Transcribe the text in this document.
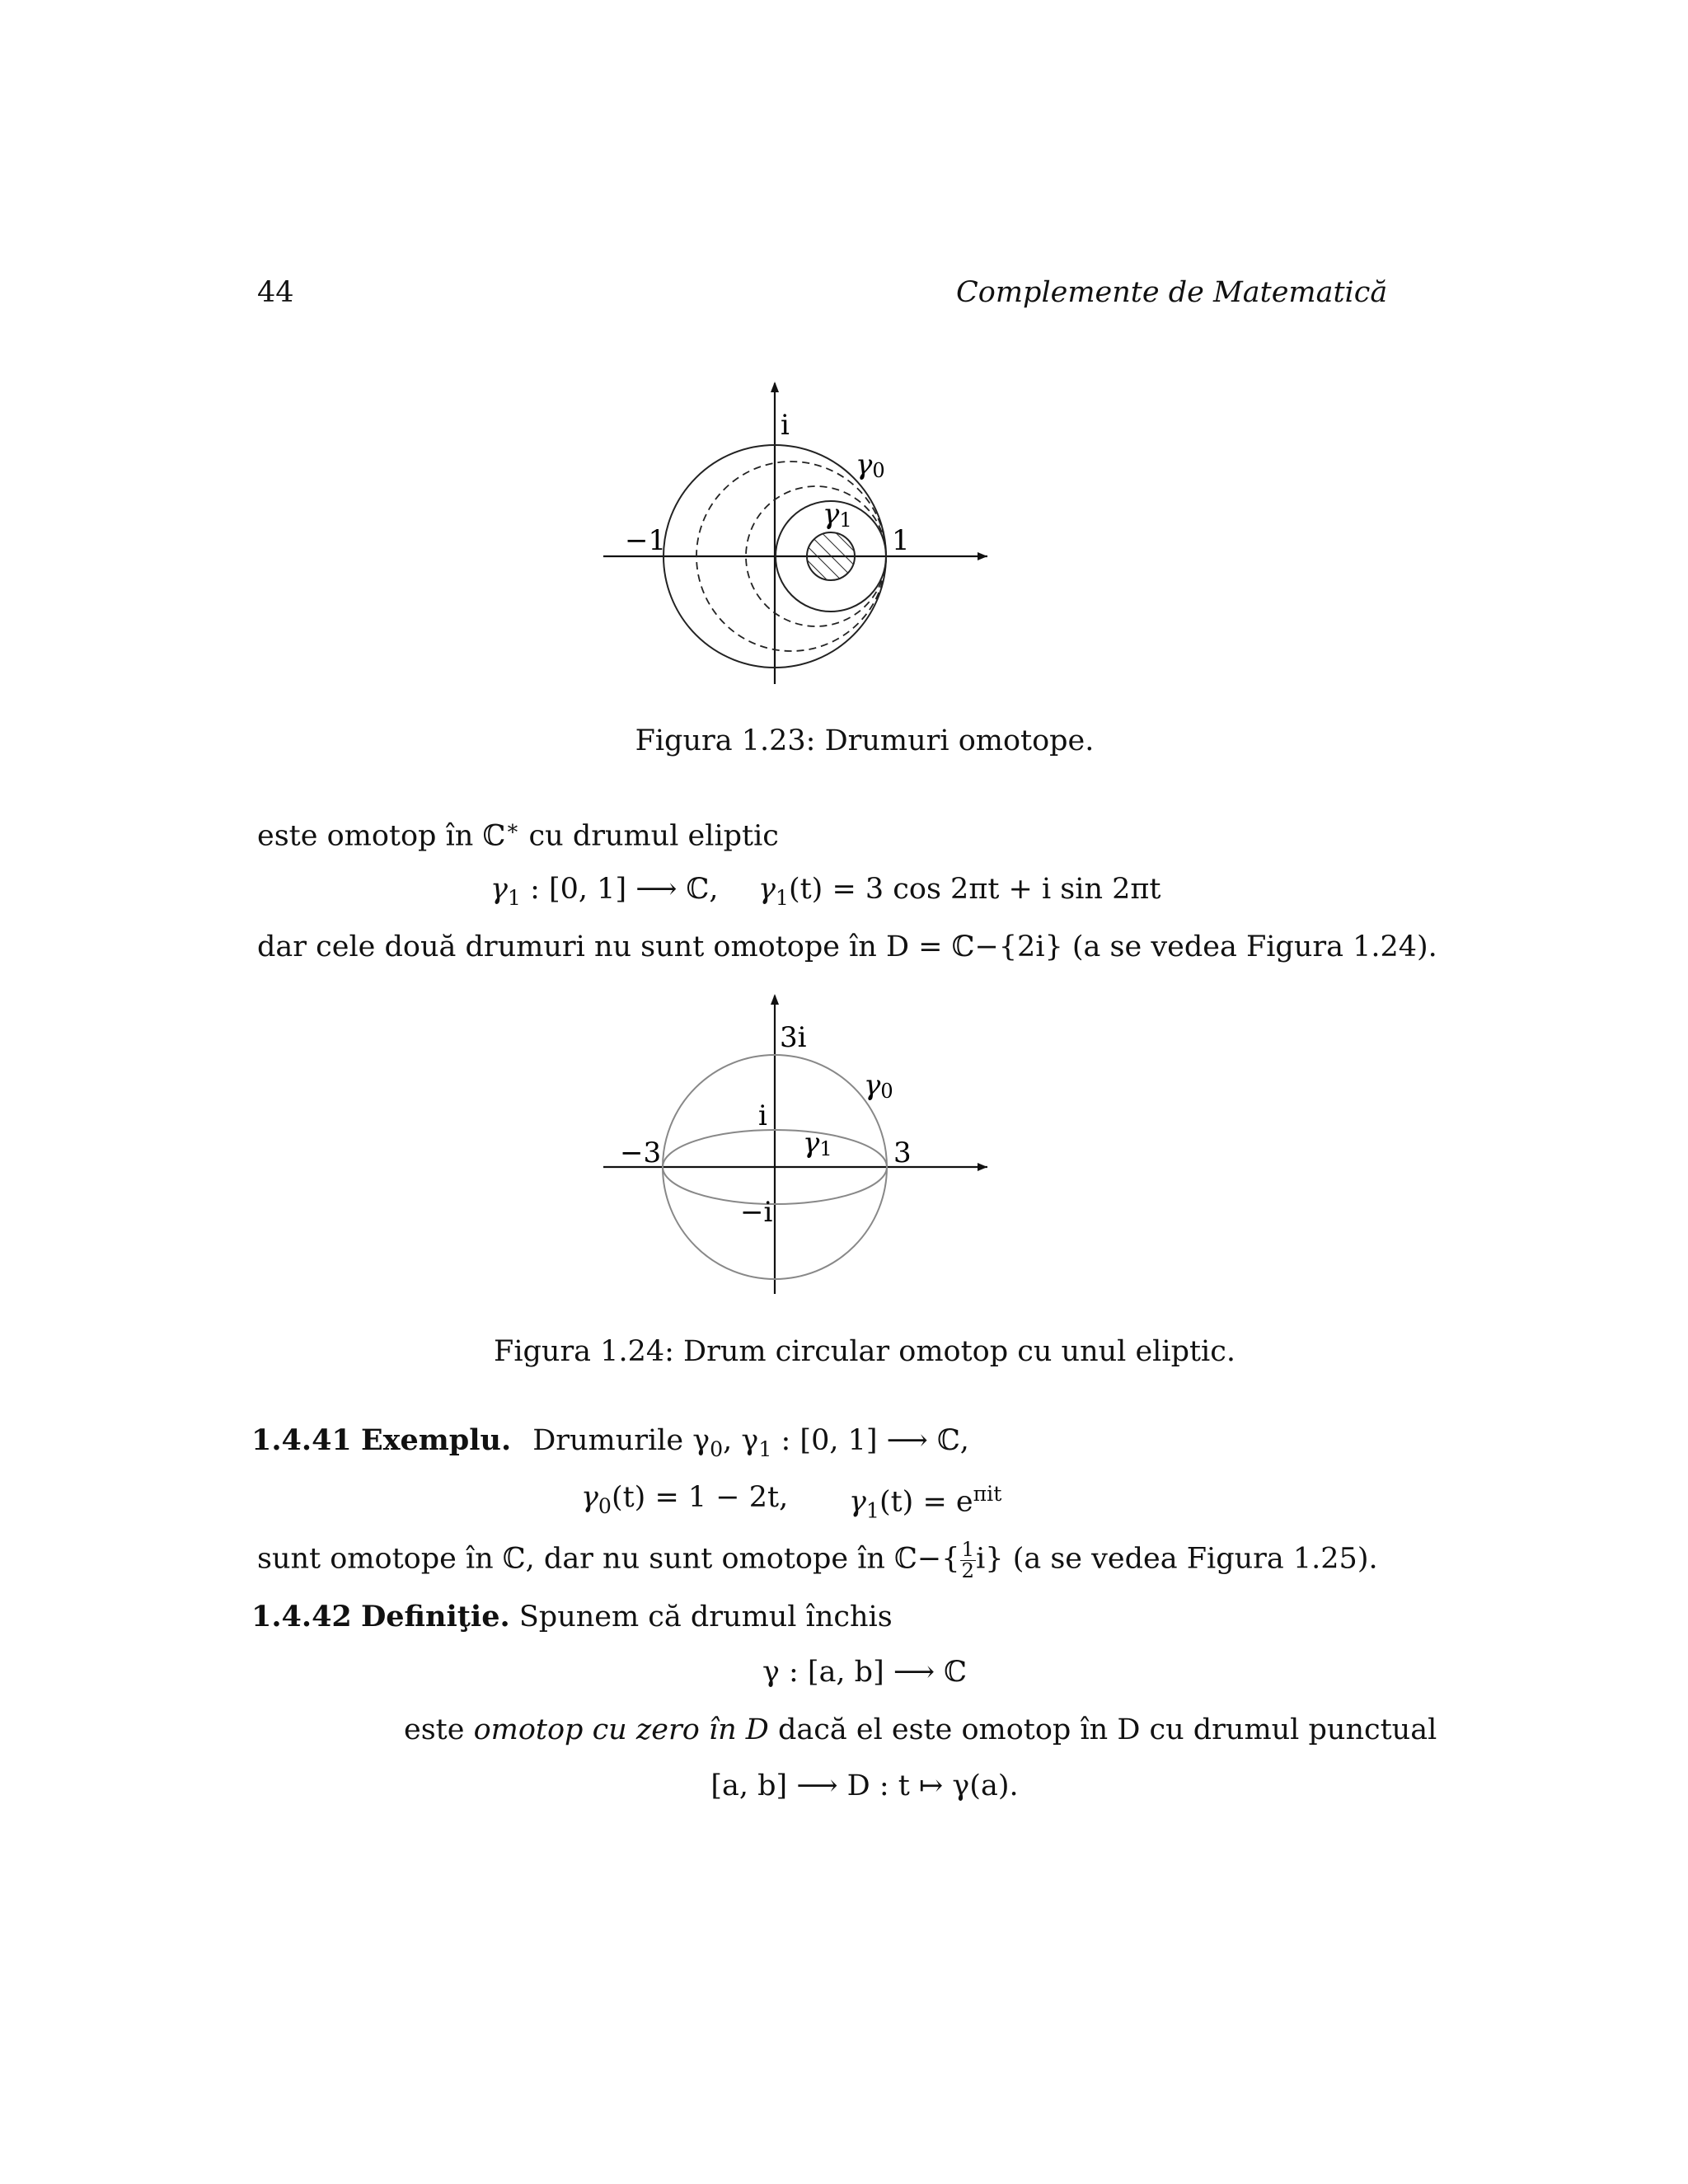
44	Complemente de Matematică
i
−1	1
γ0
γ1
Figura 1.23: Drumuri omotope.
este omotop în ℂ∗ cu drumul eliptic
$\gamma_1$ : [0, 1] ⟶ ℂ, $\gamma_1(t) = 3$ cos 2πt + i sin 2πt
dar cele două drumuri nu sunt omotope în D = ℂ−{2i} (a se vedea Figura 1.24).
3i
i
−i
−3	3
γ0
γ1
Figura 1.24: Drum circular omotop cu unul eliptic.
1.4.41 Exemplu. Drumurile $\gamma_0$, $\gamma_1$ : [0, 1] ⟶ ℂ,
$\gamma_0(t) = 1 - 2t$, $\gamma_1(t) = e^{\pi it}$
sunt omotope în ℂ, dar nu sunt omotope în ℂ−{ $\frac{1}{2} i$} (a se vedea Figura 1.25).
1.4.42 Definiţie. Spunem că drumul închis
γ : [a, b] ⟶ ℂ
este omotop cu zero în D dacă el este omotop în D cu drumul punctual
[a, b] ⟶ D : t ↦ γ(a).
